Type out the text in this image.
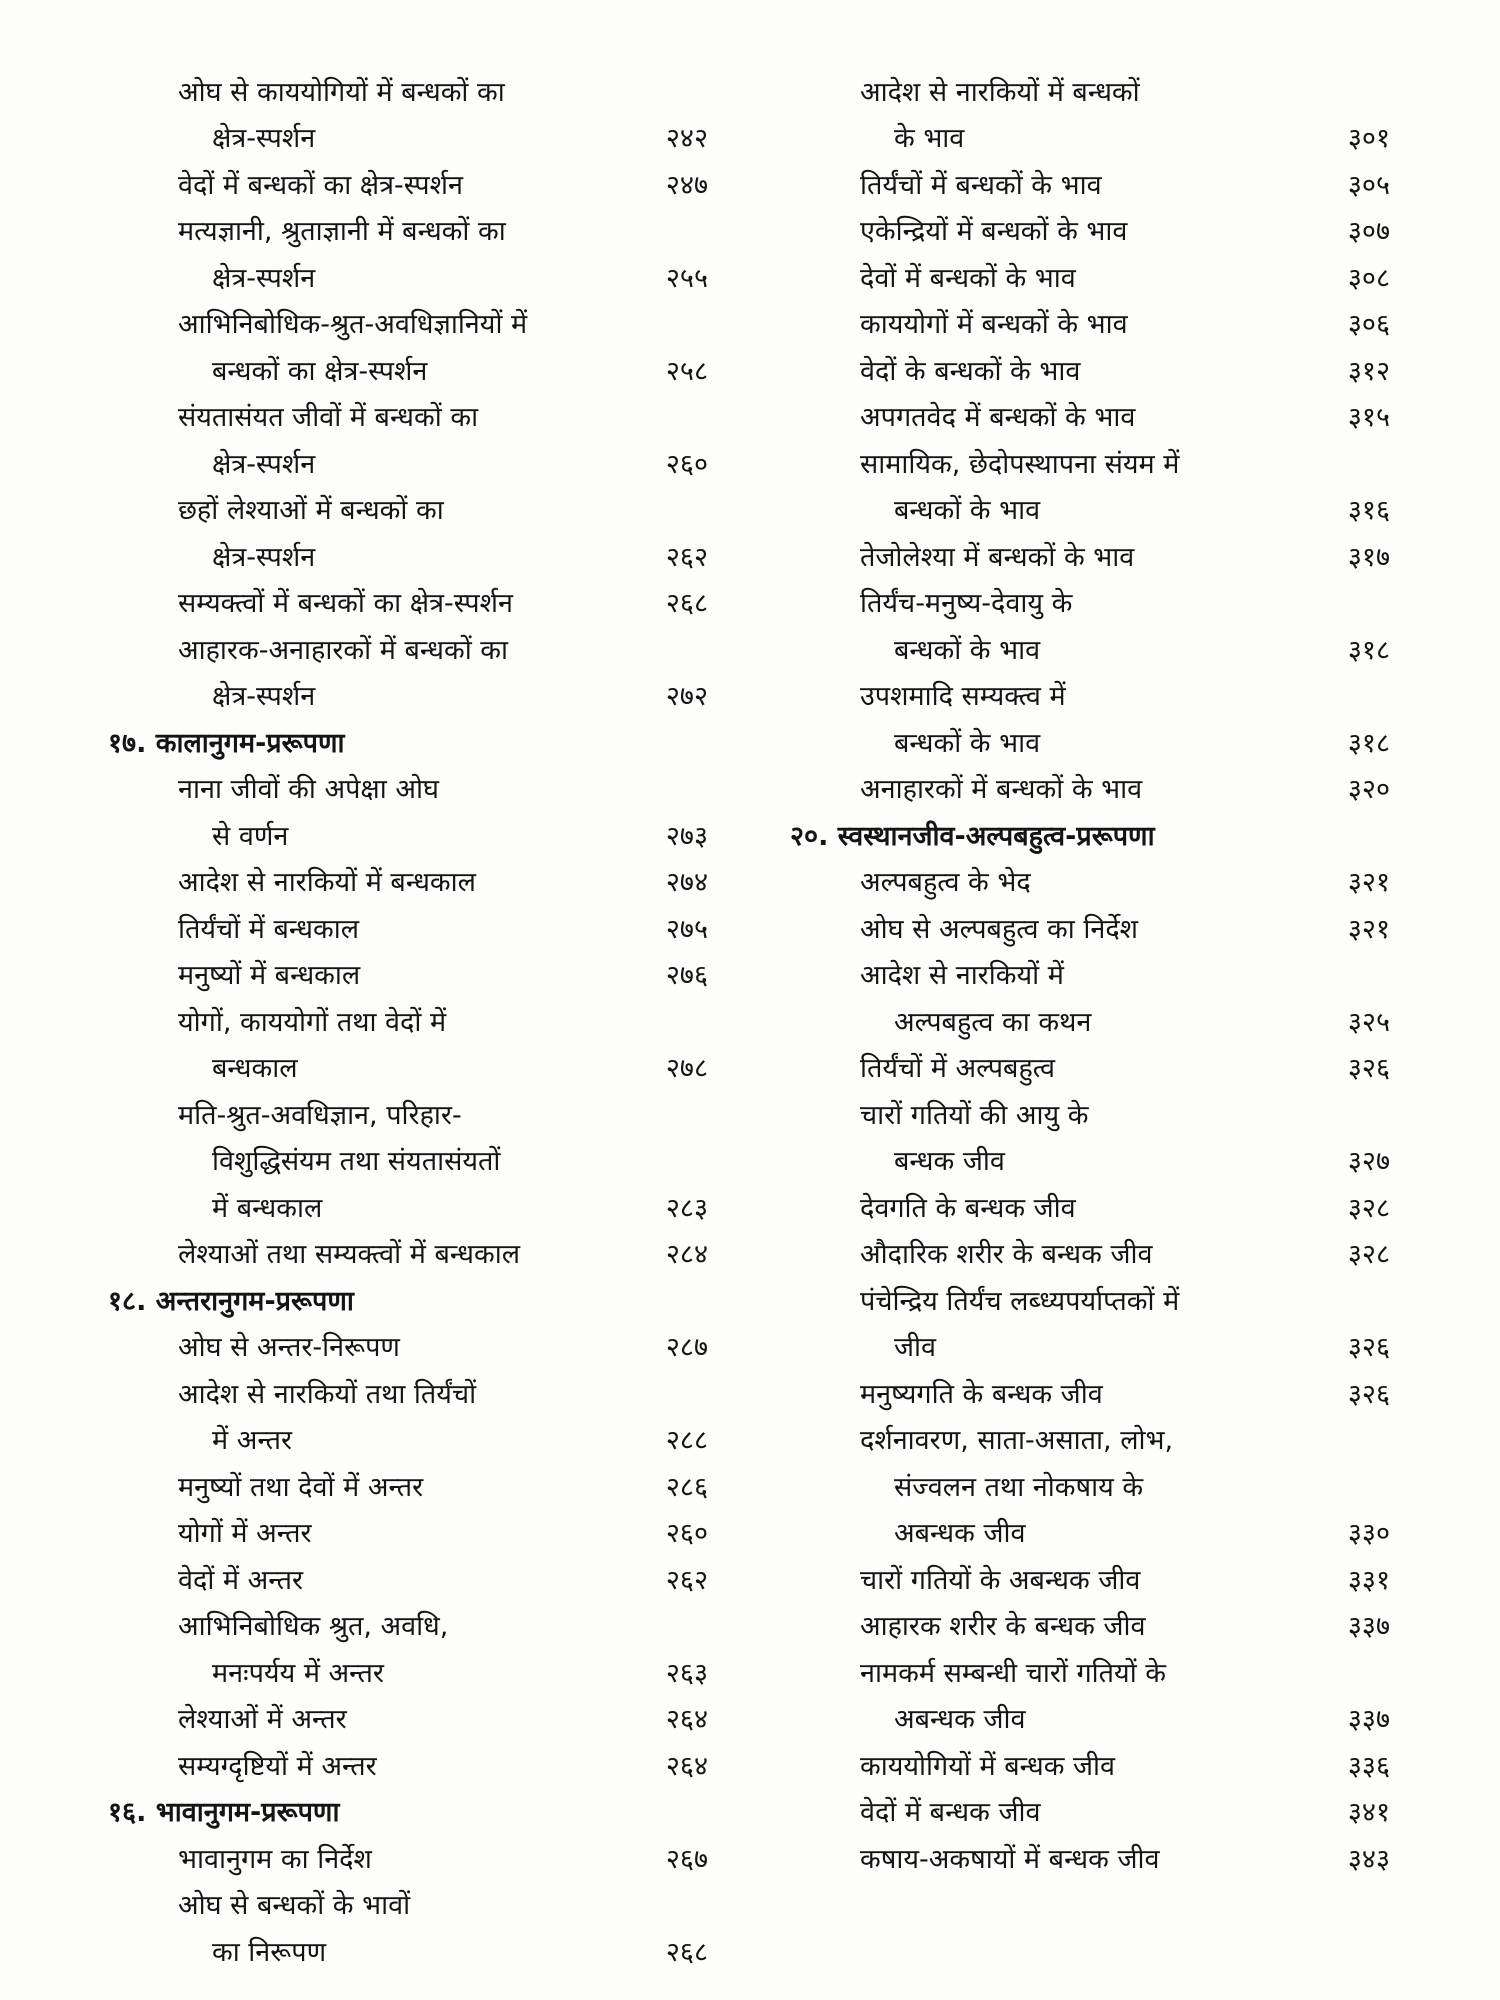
ओघ से काययोगियों में बन्धकों का
क्षेत्र-स्पर्शन	२४२
वेदों में बन्धकों का क्षेत्र-स्पर्शन	२४७
मत्यज्ञानी, श्रुताज्ञानी में बन्धकों का
क्षेत्र-स्पर्शन	२५५
आभिनिबोधिक-श्रुत-अवधिज्ञानियों में
बन्धकों का क्षेत्र-स्पर्शन	२५८
संयतासंयत जीवों में बन्धकों का
क्षेत्र-स्पर्शन	२६०
छहों लेश्याओं में बन्धकों का
क्षेत्र-स्पर्शन	२६२
सम्यक्त्वों में बन्धकों का क्षेत्र-स्पर्शन	२६८
आहारक-अनाहारकों में बन्धकों का
क्षेत्र-स्पर्शन	२७२
१७. कालानुगम-प्ररूपणा
नाना जीवों की अपेक्षा ओघ
से वर्णन	२७३
आदेश से नारकियों में बन्धकाल	२७४
तिर्यंचों में बन्धकाल	२७५
मनुष्यों में बन्धकाल	२७६
योगों, काययोगों तथा वेदों में
बन्धकाल	२७८
मति-श्रुत-अवधिज्ञान, परिहार-
विशुद्धिसंयम तथा संयतासंयतों
में बन्धकाल	२८३
लेश्याओं तथा सम्यक्त्वों में बन्धकाल	२८४
१८. अन्तरानुगम-प्ररूपणा
ओघ से अन्तर-निरूपण	२८७
आदेश से नारकियों तथा तिर्यंचों
में अन्तर	२८८
मनुष्यों तथा देवों में अन्तर	२८६
योगों में अन्तर	२६०
वेदों में अन्तर	२६२
आभिनिबोधिक श्रुत, अवधि,
मनःपर्यय में अन्तर	२६३
लेश्याओं में अन्तर	२६४
सम्यग्दृष्टियों में अन्तर	२६४
१६. भावानुगम-प्ररूपणा
भावानुगम का निर्देश	२६७
ओघ से बन्धकों के भावों
का निरूपण	२६८
आदेश से नारकियों में बन्धकों
के भाव	३०१
तिर्यंचों में बन्धकों के भाव	३०५
एकेन्द्रियों में बन्धकों के भाव	३०७
देवों में बन्धकों के भाव	३०८
काययोगों में बन्धकों के भाव	३०६
वेदों के बन्धकों के भाव	३१२
अपगतवेद में बन्धकों के भाव	३१५
सामायिक, छेदोपस्थापना संयम में
बन्धकों के भाव	३१६
तेजोलेश्या में बन्धकों के भाव	३१७
तिर्यंच-मनुष्य-देवायु के
बन्धकों के भाव	३१८
उपशमादि सम्यक्त्व में
बन्धकों के भाव	३१८
अनाहारकों में बन्धकों के भाव	३२०
२०. स्वस्थानजीव-अल्पबहुत्व-प्ररूपणा
अल्पबहुत्व के भेद	३२१
ओघ से अल्पबहुत्व का निर्देश	३२१
आदेश से नारकियों में
अल्पबहुत्व का कथन	३२५
तिर्यंचों में अल्पबहुत्व	३२६
चारों गतियों की आयु के
बन्धक जीव	३२७
देवगति के बन्धक जीव	३२८
औदारिक शरीर के बन्धक जीव	३२८
पंचेन्द्रिय तिर्यंच लब्ध्यपर्याप्तकों में
जीव	३२६
मनुष्यगति के बन्धक जीव	३२६
दर्शनावरण, साता-असाता, लोभ,
संज्वलन तथा नोकषाय के
अबन्धक जीव	३३०
चारों गतियों के अबन्धक जीव	३३१
आहारक शरीर के बन्धक जीव	३३७
नामकर्म सम्बन्धी चारों गतियों के
अबन्धक जीव	३३७
काययोगियों में बन्धक जीव	३३६
वेदों में बन्धक जीव	३४१
कषाय-अकषायों में बन्धक जीव	३४३
